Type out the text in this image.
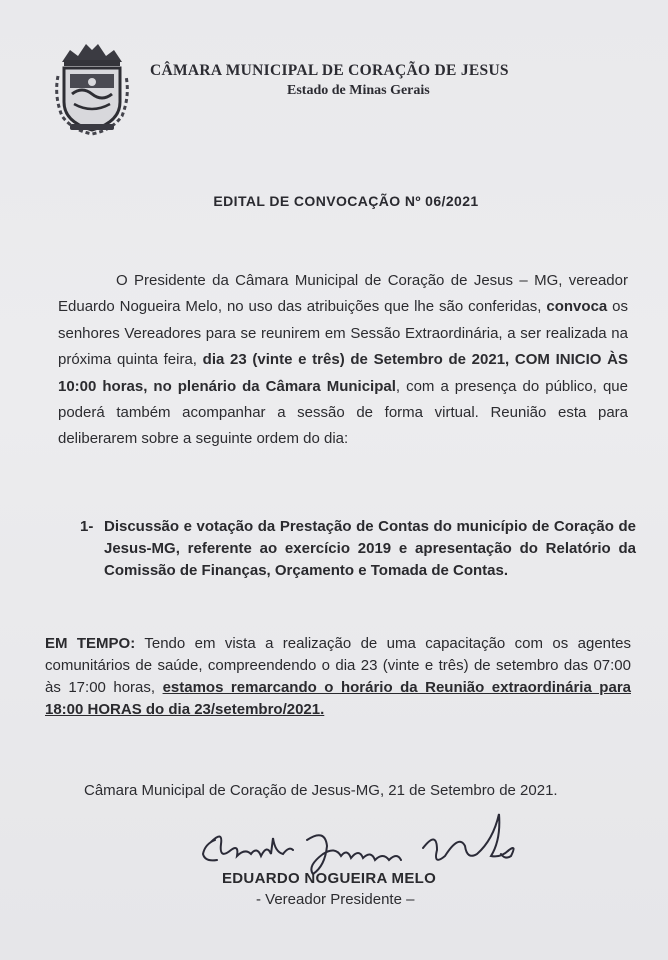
CÂMARA MUNICIPAL DE CORAÇÃO DE JESUS
Estado de Minas Gerais
EDITAL DE CONVOCAÇÃO Nº 06/2021
O Presidente da Câmara Municipal de Coração de Jesus – MG, vereador Eduardo Nogueira Melo, no uso das atribuições que lhe são conferidas, convoca os senhores Vereadores para se reunirem em Sessão Extraordinária, a ser realizada na próxima quinta feira, dia 23 (vinte e três) de Setembro de 2021, COM INICIO ÀS 10:00 horas, no plenário da Câmara Municipal, com a presença do público, que poderá também acompanhar a sessão de forma virtual. Reunião esta para deliberarem sobre a seguinte ordem do dia:
1- Discussão e votação da Prestação de Contas do município de Coração de Jesus-MG, referente ao exercício 2019 e apresentação do Relatório da Comissão de Finanças, Orçamento e Tomada de Contas.
EM TEMPO: Tendo em vista a realização de uma capacitação com os agentes comunitários de saúde, compreendendo o dia 23 (vinte e três) de setembro das 07:00 às 17:00 horas, estamos remarcando o horário da Reunião extraordinária para 18:00 HORAS do dia 23/setembro/2021.
Câmara Municipal de Coração de Jesus-MG, 21 de Setembro de 2021.
EDUARDO NOGUEIRA MELO
- Vereador Presidente –
